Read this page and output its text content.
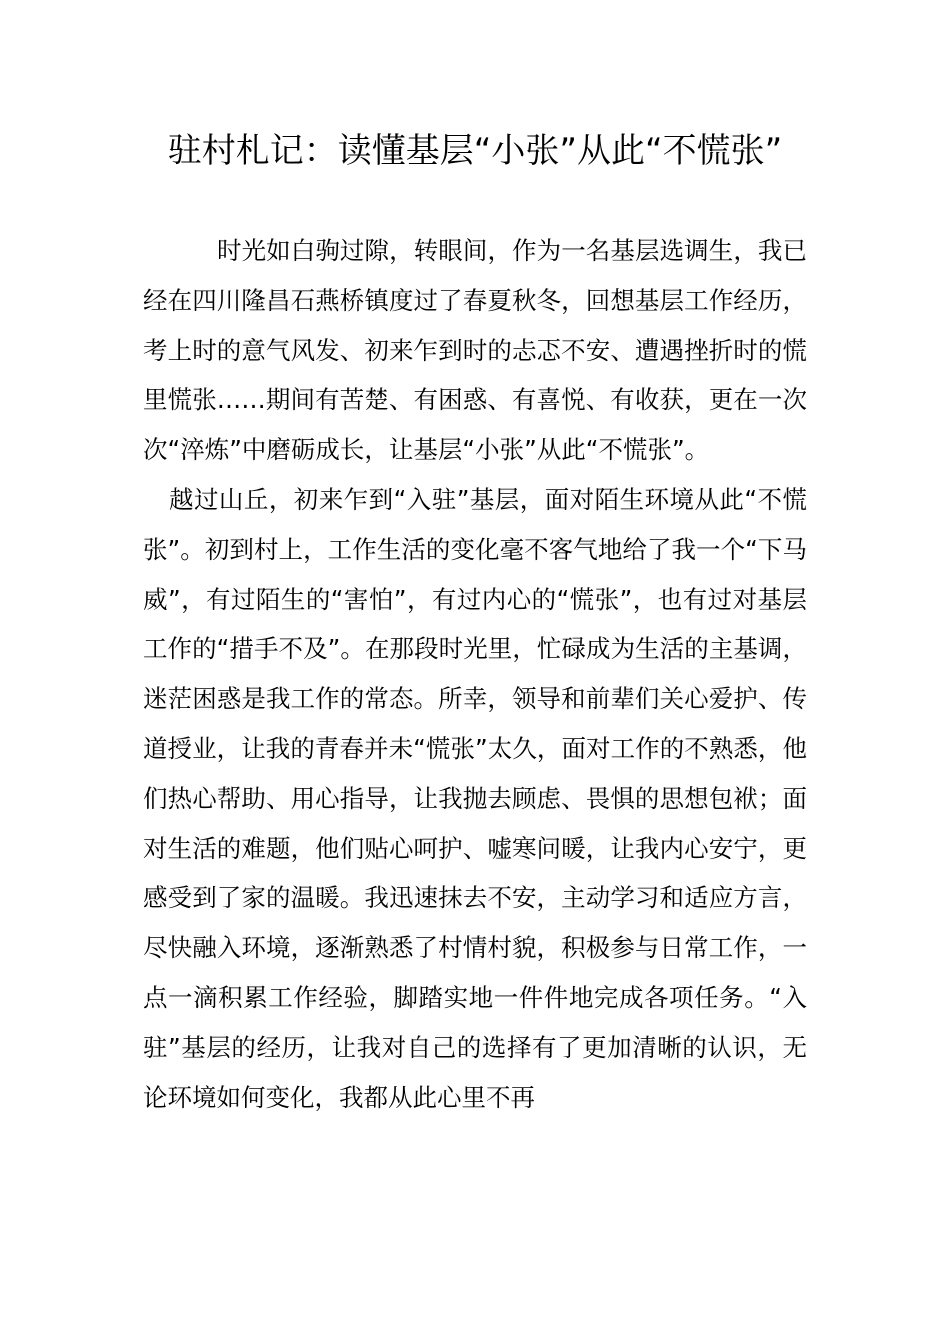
驻村札记：读懂基层“小张”从此“不慌张”

时光如白驹过隙，转眼间，作为一名基层选调生，我已经在四川隆昌石燕桥镇度过了春夏秋冬，回想基层工作经历，考上时的意气风发、初来乍到时的忐忑不安、遭遇挫折时的慌里慌张……期间有苦楚、有困惑、有喜悦、有收获，更在一次次“淬炼”中磨砺成长，让基层“小张”从此“不慌张”。

越过山丘，初来乍到“入驻”基层，面对陌生环境从此“不慌张”。初到村上，工作生活的变化毫不客气地给了我一个“下马威”，有过陌生的“害怕”，有过内心的“慌张”，也有过对基层工作的“措手不及”。在那段时光里，忙碌成为生活的主基调，迷茫困惑是我工作的常态。所幸，领导和前辈们关心爱护、传道授业，让我的青春并未“慌张”太久，面对工作的不熟悉，他们热心帮助、用心指导，让我抛去顾虑、畏惧的思想包袱；面对生活的难题，他们贴心呵护、嘘寒问暖，让我内心安宁，更感受到了家的温暖。我迅速抹去不安，主动学习和适应方言，尽快融入环境，逐渐熟悉了村情村貌，积极参与日常工作，一点一滴积累工作经验，脚踏实地一件件地完成各项任务。“入驻”基层的经历，让我对自己的选择有了更加清晰的认识，无论环境如何变化，我都从此心里不再
